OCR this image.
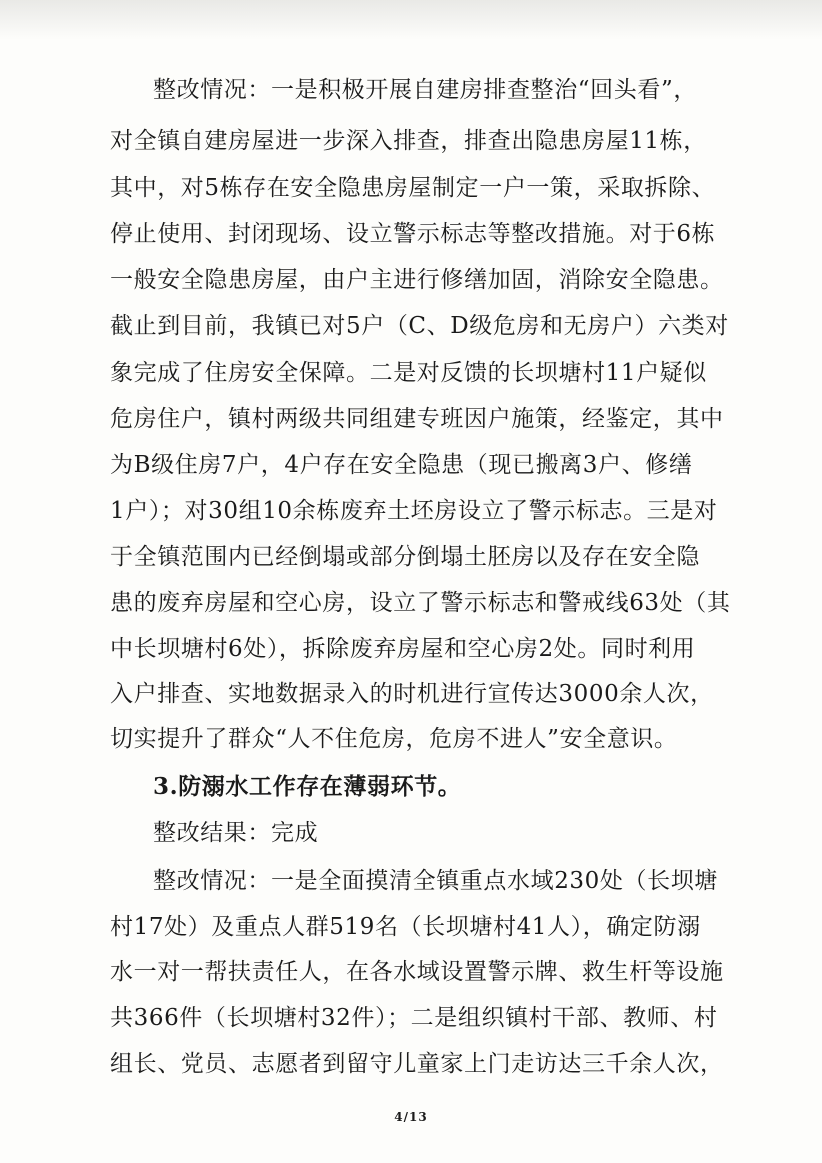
整改情况：一是积极开展自建房排查整治“回头看”，
对全镇自建房屋进一步深入排查，排查出隐患房屋11栋，
其中，对5栋存在安全隐患房屋制定一户一策，采取拆除、
停止使用、封闭现场、设立警示标志等整改措施。对于6栋
一般安全隐患房屋，由户主进行修缮加固，消除安全隐患。
截止到目前，我镇已对5户（C、D级危房和无房户）六类对
象完成了住房安全保障。二是对反馈的长坝塘村11户疑似
危房住户，镇村两级共同组建专班因户施策，经鉴定，其中
为B级住房7户，4户存在安全隐患（现已搬离3户、修缮
1户）；对30组10余栋废弃土坯房设立了警示标志。三是对
于全镇范围内已经倒塌或部分倒塌土胚房以及存在安全隐
患的废弃房屋和空心房，设立了警示标志和警戒线63处（其
中长坝塘村6处），拆除废弃房屋和空心房2处。同时利用
入户排查、实地数据录入的时机进行宣传达3000余人次，
切实提升了群众“人不住危房，危房不进人”安全意识。
3.防溺水工作存在薄弱环节。
整改结果：完成
整改情况：一是全面摸清全镇重点水域230处（长坝塘
村17处）及重点人群519名（长坝塘村41人），确定防溺
水一对一帮扶责任人，在各水域设置警示牌、救生杆等设施
共366件（长坝塘村32件）；二是组织镇村干部、教师、村
组长、党员、志愿者到留守儿童家上门走访达三千余人次，
4/13
